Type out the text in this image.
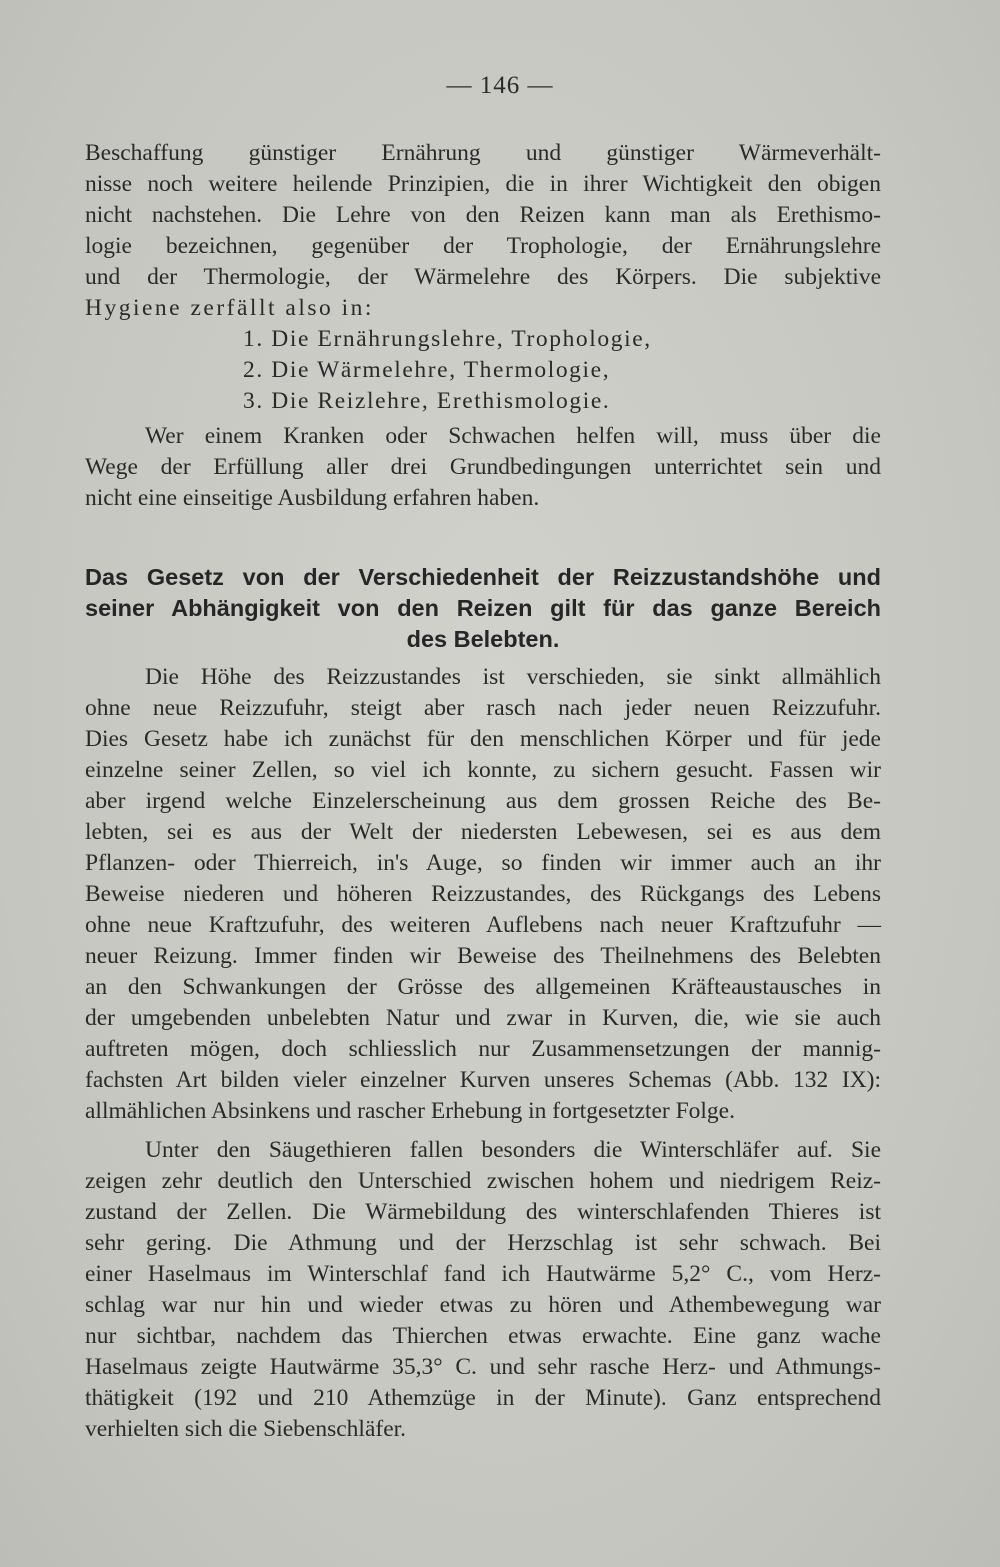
— 146 —
Beschaffung günstiger Ernährung und günstiger Wärmeverhält-
nisse noch weitere heilende Prinzipien, die in ihrer Wichtigkeit den obigen
nicht nachstehen. Die Lehre von den Reizen kann man als Erethismo-
logie bezeichnen, gegenüber der Trophologie, der Ernährungslehre
und der Thermologie, der Wärmelehre des Körpers. Die subjektive
Hygiene zerfällt also in:
1. Die Ernährungslehre, Trophologie,
2. Die Wärmelehre, Thermologie,
3. Die Reizlehre, Erethismologie.
Wer einem Kranken oder Schwachen helfen will, muss über die
Wege der Erfüllung aller drei Grundbedingungen unterrichtet sein und
nicht eine einseitige Ausbildung erfahren haben.
Das Gesetz von der Verschiedenheit der Reizzustandshöhe und
seiner Abhängigkeit von den Reizen gilt für das ganze Bereich
des Belebten.
Die Höhe des Reizzustandes ist verschieden, sie sinkt allmählich
ohne neue Reizzufuhr, steigt aber rasch nach jeder neuen Reizzufuhr.
Dies Gesetz habe ich zunächst für den menschlichen Körper und für jede
einzelne seiner Zellen, so viel ich konnte, zu sichern gesucht. Fassen wir
aber irgend welche Einzelerscheinung aus dem grossen Reiche des Be-
lebten, sei es aus der Welt der niedersten Lebewesen, sei es aus dem
Pflanzen- oder Thierreich, in's Auge, so finden wir immer auch an ihr
Beweise niederen und höheren Reizzustandes, des Rückgangs des Lebens
ohne neue Kraftzufuhr, des weiteren Auflebens nach neuer Kraftzufuhr —
neuer Reizung. Immer finden wir Beweise des Theilnehmens des Belebten
an den Schwankungen der Grösse des allgemeinen Kräfteaustausches in
der umgebenden unbelebten Natur und zwar in Kurven, die, wie sie auch
auftreten mögen, doch schliesslich nur Zusammensetzungen der mannig-
fachsten Art bilden vieler einzelner Kurven unseres Schemas (Abb. 132 IX):
allmählichen Absinkens und rascher Erhebung in fortgesetzter Folge.
Unter den Säugethieren fallen besonders die Winterschläfer auf. Sie
zeigen zehr deutlich den Unterschied zwischen hohem und niedrigem Reiz-
zustand der Zellen. Die Wärmebildung des winterschlafenden Thieres ist
sehr gering. Die Athmung und der Herzschlag ist sehr schwach. Bei
einer Haselmaus im Winterschlaf fand ich Hautwärme 5,2° C., vom Herz-
schlag war nur hin und wieder etwas zu hören und Athembewegung war
nur sichtbar, nachdem das Thierchen etwas erwachte. Eine ganz wache
Haselmaus zeigte Hautwärme 35,3° C. und sehr rasche Herz- und Athmungs-
thätigkeit (192 und 210 Athemzüge in der Minute). Ganz entsprechend
verhielten sich die Siebenschläfer.
